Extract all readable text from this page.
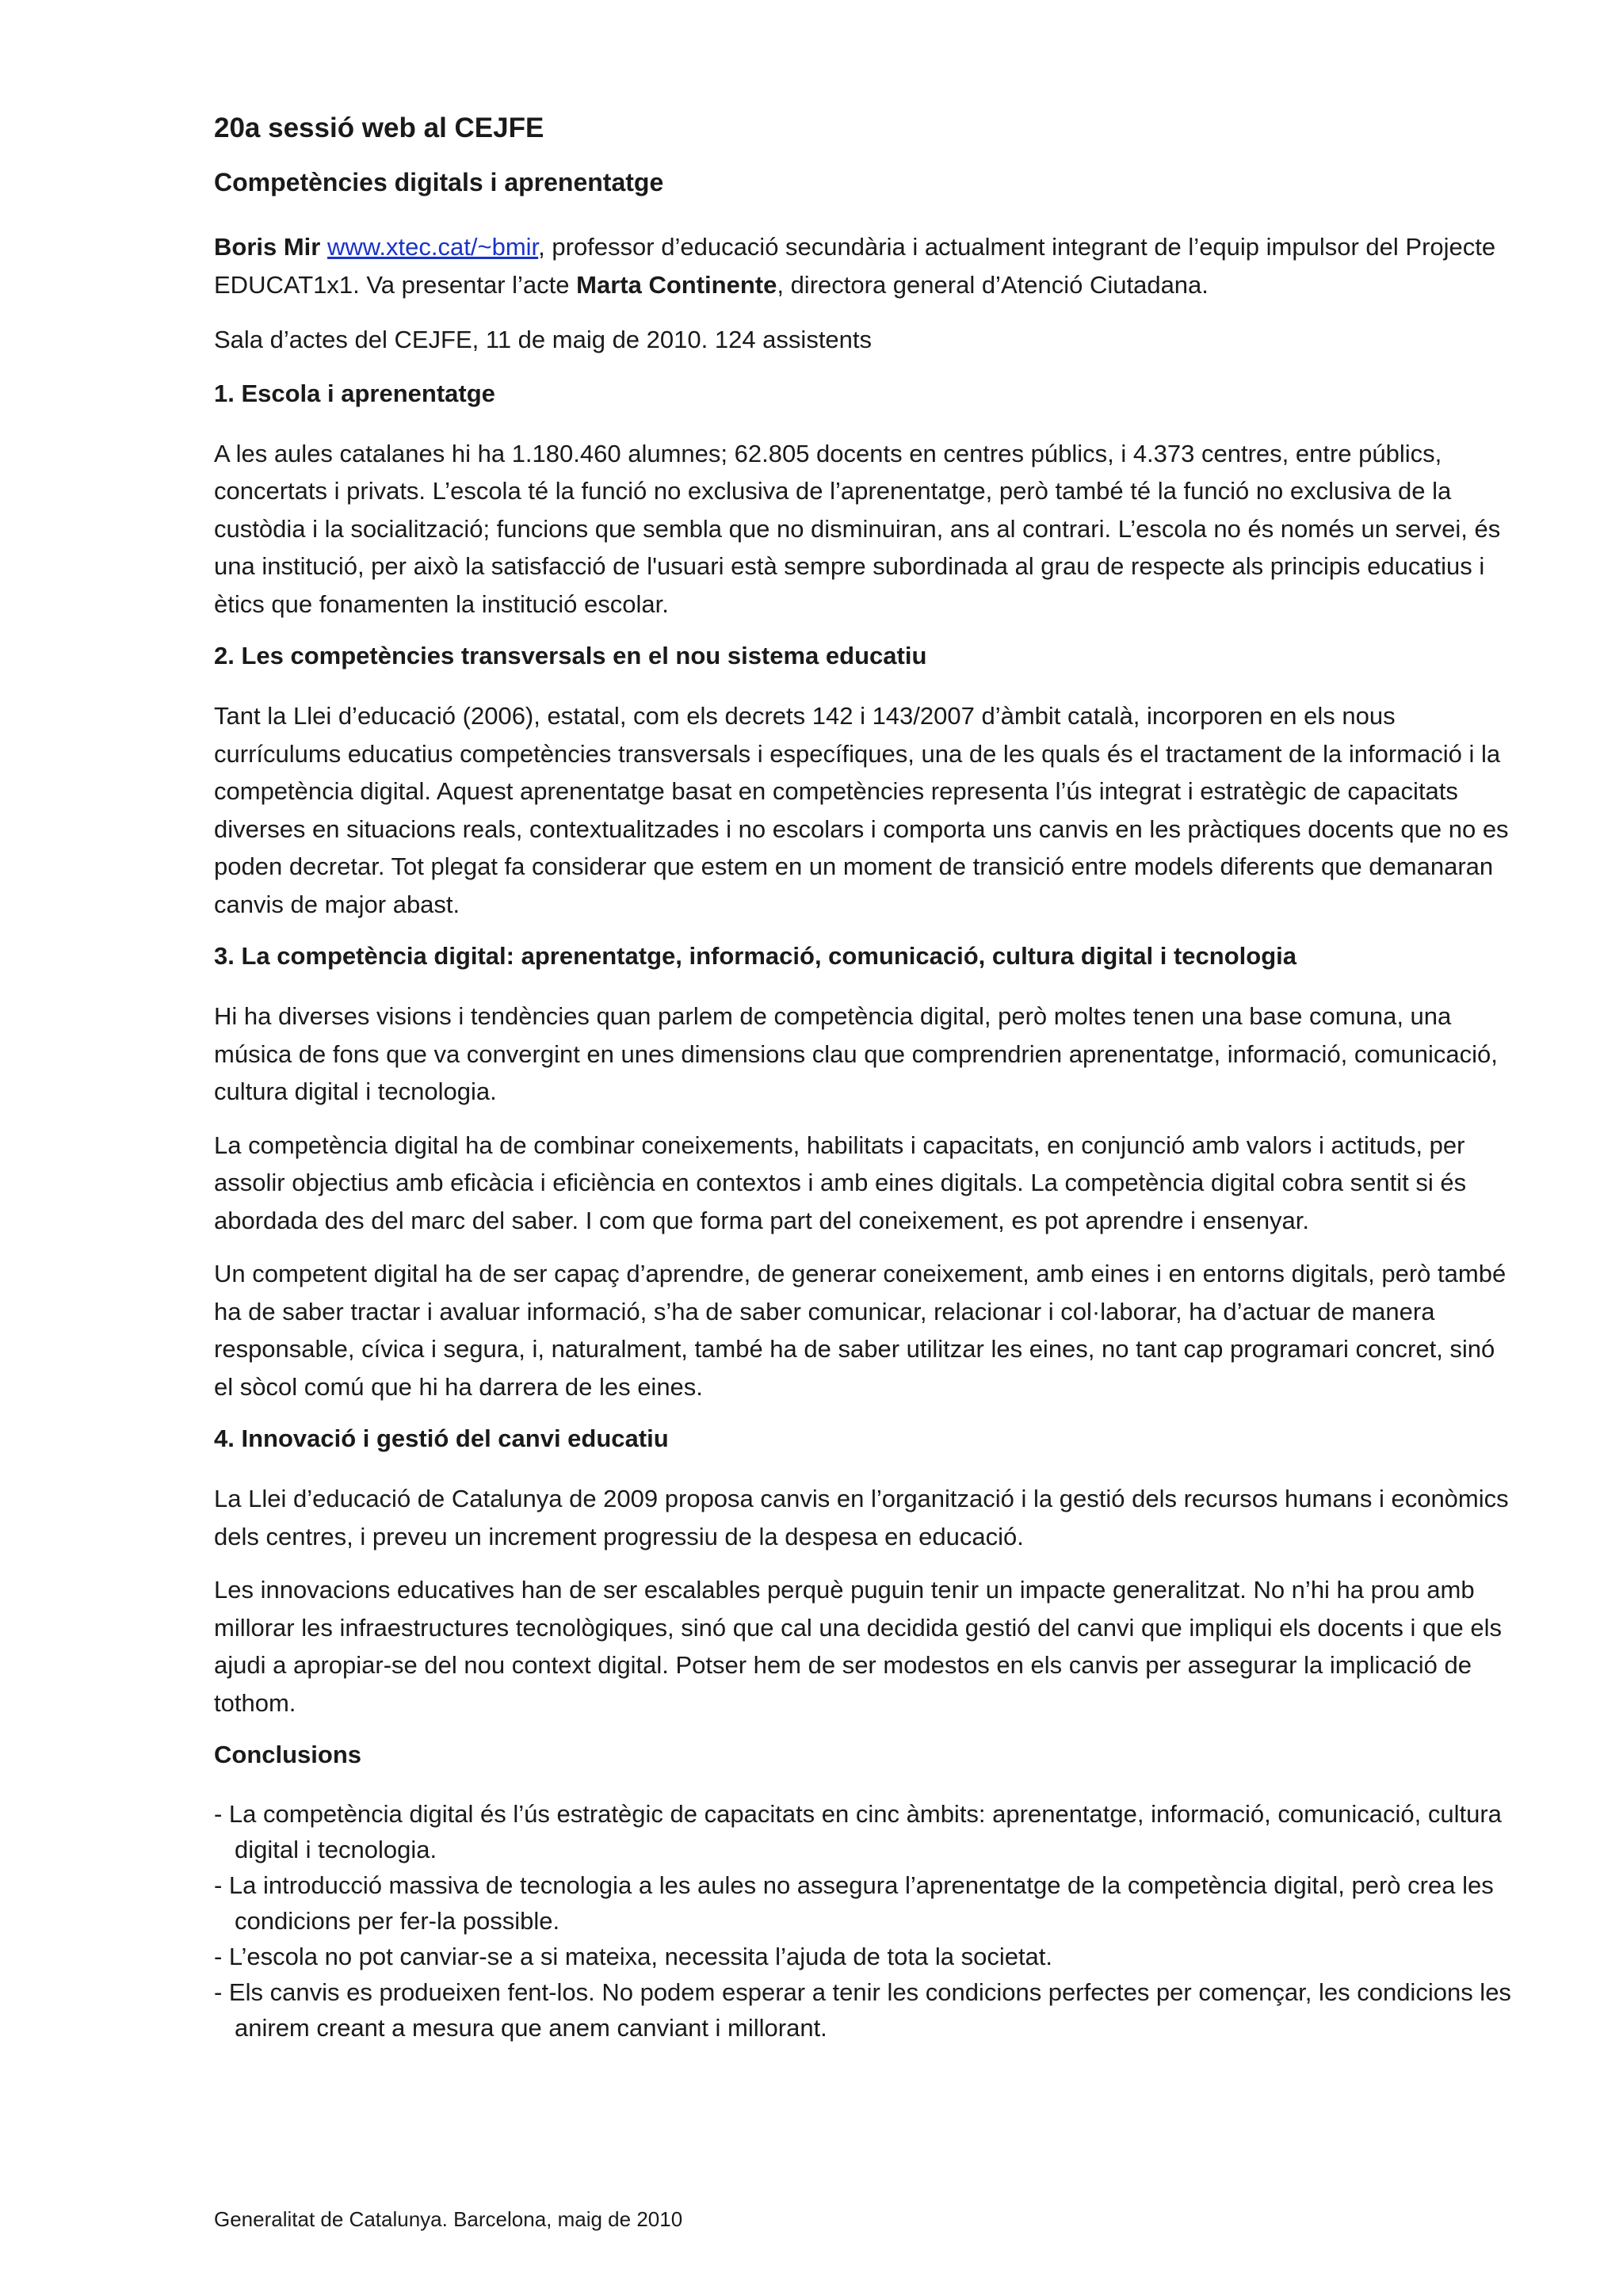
20a sessió web al CEJFE
Competències digitals i aprenentatge

Boris Mir www.xtec.cat/~bmir, professor d’educació secundària i actualment integrant de l’equip impulsor del Projecte EDUCAT1x1. Va presentar l’acte Marta Continente, directora general d’Atenció Ciutadana.

Sala d’actes del CEJFE, 11 de maig de 2010. 124 assistents

1. Escola i aprenentatge

A les aules catalanes hi ha 1.180.460 alumnes; 62.805 docents en centres públics, i 4.373 centres, entre públics, concertats i privats. L’escola té la funció no exclusiva de l’aprenentatge, però també té la funció no exclusiva de la custòdia i la socialització; funcions que sembla que no disminuiran, ans al contrari. L’escola no és només un servei, és una institució, per això la satisfacció de l'usuari està sempre subordinada al grau de respecte als principis educatius i ètics que fonamenten la institució escolar.

2. Les competències transversals en el nou sistema educatiu

Tant la Llei d’educació (2006), estatal, com els decrets 142 i 143/2007 d’àmbit català, incorporen en els nous currículums educatius competències transversals i específiques, una de les quals és el tractament de la informació i la competència digital. Aquest aprenentatge basat en competències representa l’ús integrat i estratègic de capacitats diverses en situacions reals, contextualitzades i no escolars i comporta uns canvis en les pràctiques docents que no es poden decretar. Tot plegat fa considerar que estem en un moment de transició entre models diferents que demanaran canvis de major abast.

3. La competència digital: aprenentatge, informació, comunicació, cultura digital i tecnologia

Hi ha diverses visions i tendències quan parlem de competència digital, però moltes tenen una base comuna, una música de fons que va convergint en unes dimensions clau que comprendrien aprenentatge, informació, comunicació, cultura digital i tecnologia.

La competència digital ha de combinar coneixements, habilitats i capacitats, en conjunció amb valors i actituds, per assolir objectius amb eficàcia i eficiència en contextos i amb eines digitals. La competència digital cobra sentit si és abordada des del marc del saber. I com que forma part del coneixement, es pot aprendre i ensenyar.

Un competent digital ha de ser capaç d’aprendre, de generar coneixement, amb eines i en entorns digitals, però també ha de saber tractar i avaluar informació, s’ha de saber comunicar, relacionar i col·laborar, ha d’actuar de manera responsable, cívica i segura, i, naturalment, també ha de saber utilitzar les eines, no tant cap programari concret, sinó el sòcol comú que hi ha darrera de les eines.

4. Innovació i gestió del canvi educatiu

La Llei d’educació de Catalunya de 2009 proposa canvis en l’organització i la gestió dels recursos humans i econòmics dels centres, i preveu un increment progressiu de la despesa en educació.

Les innovacions educatives han de ser escalables perquè puguin tenir un impacte generalitzat. No n’hi ha prou amb millorar les infraestructures tecnològiques, sinó que cal una decidida gestió del canvi que impliqui els docents i que els ajudi a apropiar-se del nou context digital. Potser hem de ser modestos en els canvis per assegurar la implicació de tothom.

Conclusions
- La competència digital és l’ús estratègic de capacitats en cinc àmbits: aprenentatge, informació, comunicació, cultura digital i tecnologia.
- La introducció massiva de tecnologia a les aules no assegura l’aprenentatge de la competència digital, però crea les condicions per fer-la possible.
- L’escola no pot canviar-se a si mateixa, necessita l’ajuda de tota la societat.
- Els canvis es produeixen fent-los. No podem esperar a tenir les condicions perfectes per començar, les condicions les anirem creant a mesura que anem canviant i millorant.
Generalitat de Catalunya. Barcelona, maig de 2010
